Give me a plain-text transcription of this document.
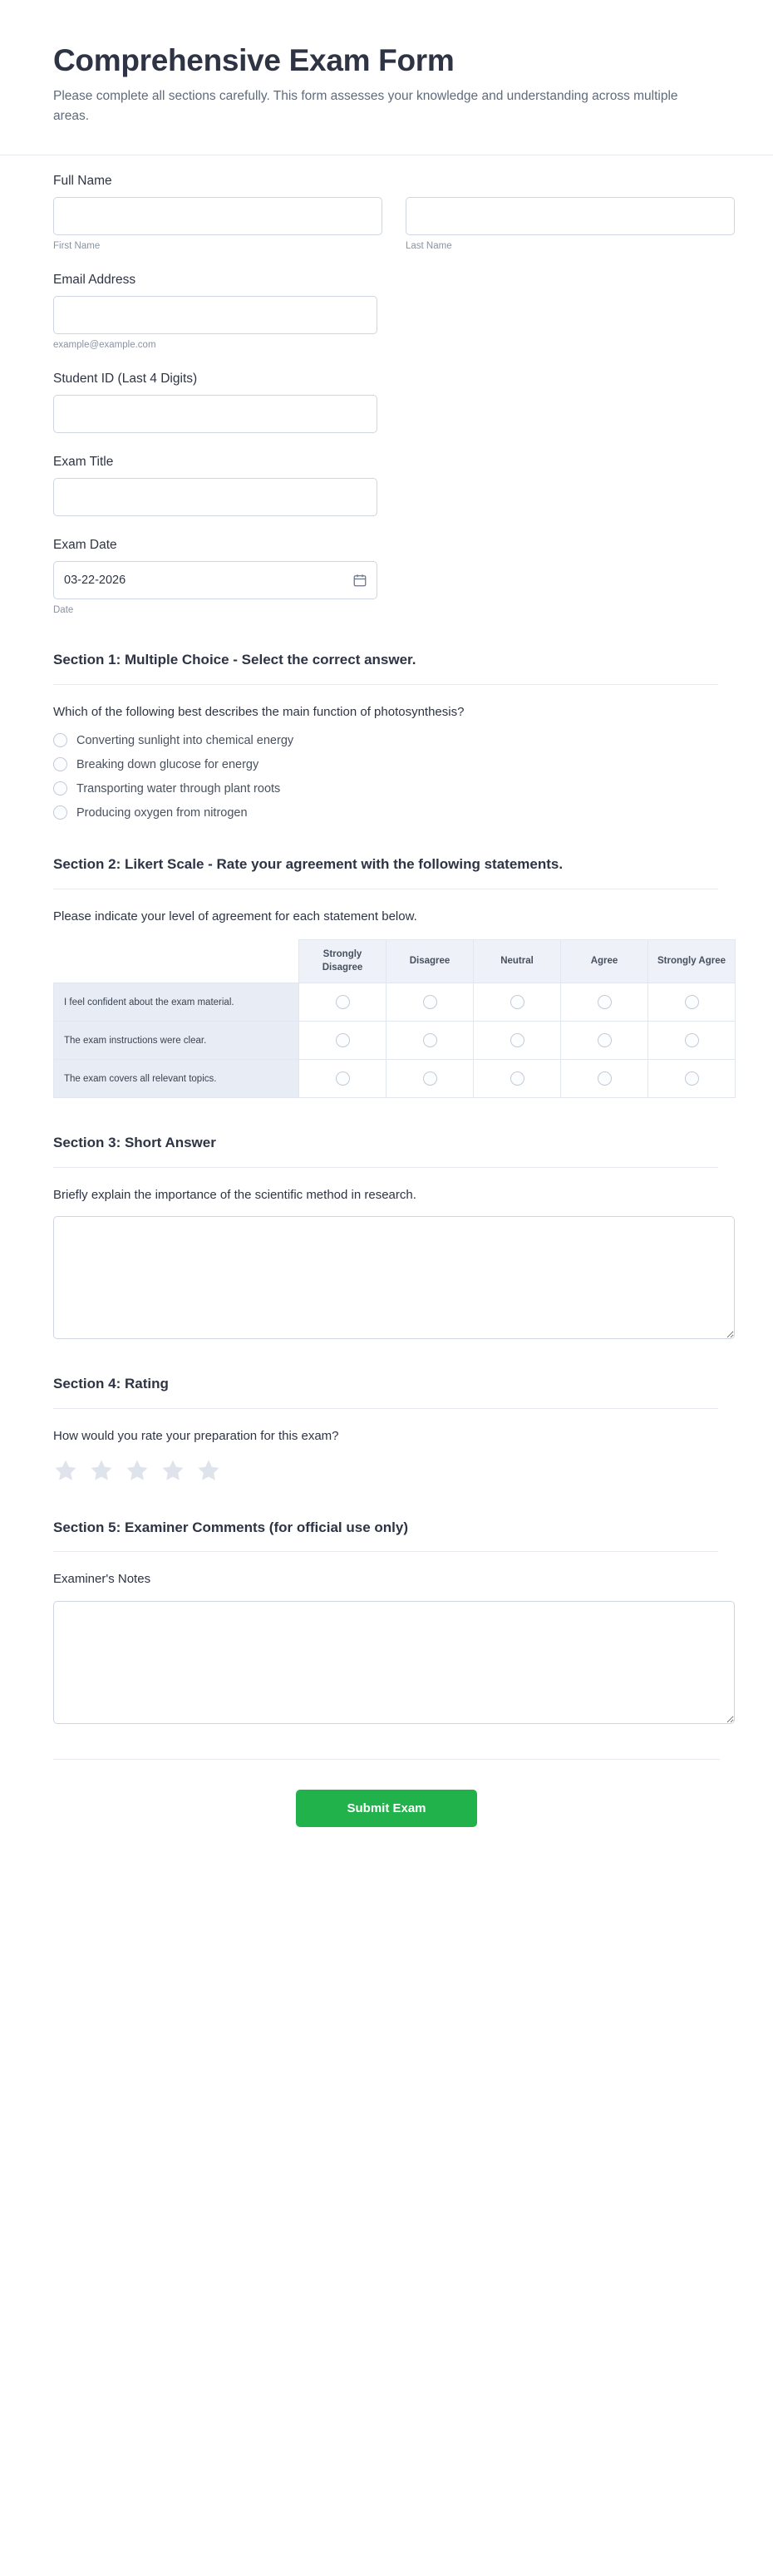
Comprehensive Exam Form

Please complete all sections carefully. This form assesses your knowledge and understanding across multiple areas.

Full Name
First Name	Last Name
Email Address
example@example.com
Student ID (Last 4 Digits)
Exam Title
Exam Date
03-22-2026
Date
Section 1: Multiple Choice - Select the correct answer.
Which of the following best describes the main function of photosynthesis?
Converting sunlight into chemical energy
Breaking down glucose for energy
Transporting water through plant roots
Producing oxygen from nitrogen
Section 2: Likert Scale - Rate your agreement with the following statements.
Please indicate your level of agreement for each statement below.
	Strongly Disagree	Disagree	Neutral	Agree	Strongly Agree
I feel confident about the exam material.	

The exam instructions were clear.	

The exam covers all relevant topics.	

Section 3: Short Answer
Briefly explain the importance of the scientific method in research.
Section 4: Rating
How would you rate your preparation for this exam?
Section 5: Examiner Comments (for official use only)
Examiner's Notes
Submit Exam
